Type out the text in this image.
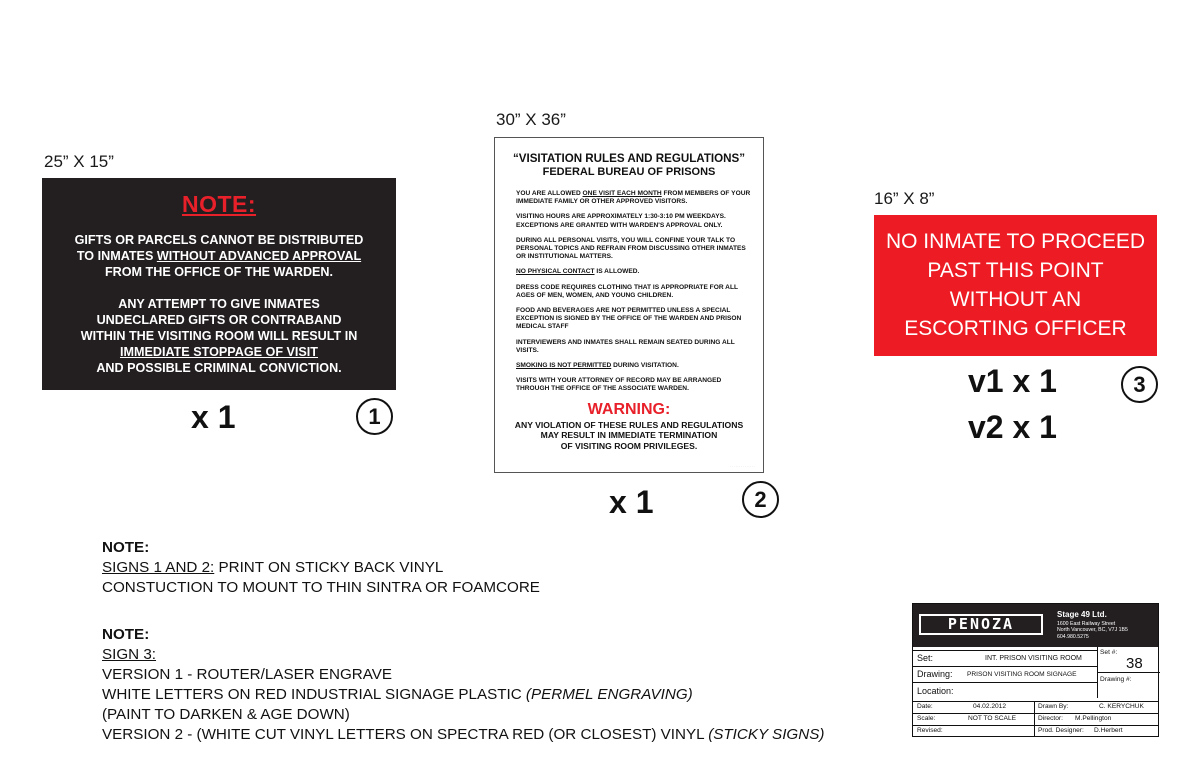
25” X 15”
NOTE:
GIFTS OR PARCELS CANNOT BE DISTRIBUTED
TO INMATES WITHOUT ADVANCED APPROVAL
FROM THE OFFICE OF THE WARDEN.
ANY ATTEMPT TO GIVE INMATES
UNDECLARED GIFTS OR CONTRABAND
WITHIN THE VISITING ROOM WILL RESULT IN
IMMEDIATE STOPPAGE OF VISIT
AND POSSIBLE CRIMINAL CONVICTION.
x 1	1
30” X 36”
“VISITATION RULES AND REGULATIONS”
FEDERAL BUREAU OF PRISONS
YOU ARE ALLOWED ONE VISIT EACH MONTH FROM MEMBERS OF YOUR IMMEDIATE FAMILY OR OTHER APPROVED VISITORS.
VISITING HOURS ARE APPROXIMATELY 1:30-3:10 PM WEEKDAYS. EXCEPTIONS ARE GRANTED WITH WARDEN'S APPROVAL ONLY.
DURING ALL PERSONAL VISITS, YOU WILL CONFINE YOUR TALK TO PERSONAL TOPICS AND REFRAIN FROM DISCUSSING OTHER INMATES OR INSTITUTIONAL MATTERS.
NO PHYSICAL CONTACT IS ALLOWED.
DRESS CODE REQUIRES CLOTHING THAT IS APPROPRIATE FOR ALL AGES OF MEN, WOMEN, AND YOUNG CHILDREN.
FOOD AND BEVERAGES ARE NOT PERMITTED UNLESS A SPECIAL EXCEPTION IS SIGNED BY THE OFFICE OF THE WARDEN AND PRISON MEDICAL STAFF
INTERVIEWERS AND INMATES SHALL REMAIN SEATED DURING ALL VISITS.
SMOKING IS NOT PERMITTED DURING VISITATION.
VISITS WITH YOUR ATTORNEY OF RECORD MAY BE ARRANGED THROUGH THE OFFICE OF THE ASSOCIATE WARDEN.
WARNING:
ANY VIOLATION OF THESE RULES AND REGULATIONS
MAY RESULT IN IMMEDIATE TERMINATION
OF VISITING ROOM PRIVILEGES.
· · · · · · · · · · · · · ·
x 1	2
16” X 8”
NO INMATE TO PROCEED
PAST THIS POINT
WITHOUT AN
ESCORTING OFFICER
v1 x 1
v2 x 1
3
NOTE:
SIGNS 1 AND 2: PRINT ON STICKY BACK VINYL
CONSTUCTION TO MOUNT TO THIN SINTRA OR FOAMCORE
NOTE:
SIGN 3:
VERSION 1 - ROUTER/LASER ENGRAVE
WHITE LETTERS ON RED INDUSTRIAL SIGNAGE PLASTIC (PERMEL ENGRAVING)
(PAINT TO DARKEN & AGE DOWN)
VERSION 2 - (WHITE CUT VINYL LETTERS ON SPECTRA RED (OR CLOSEST) VINYL (STICKY SIGNS)
PENOZA
Stage 49 Ltd.
1600 East Railway Street
North Vancouver, BC, V7J 1B5
604.980.5275
Set:	INT. PRISON VISITING ROOM
Set #:
38
Drawing: PRISON VISITING ROOM SIGNAGE
Drawing #:
Location:
Date:	04.02.2012	Drawn By:	C. KERYCHUK
Scale:	NOT TO SCALE	Director: M.Pellington
Revised:	Prod. Designer: D.Herbert
